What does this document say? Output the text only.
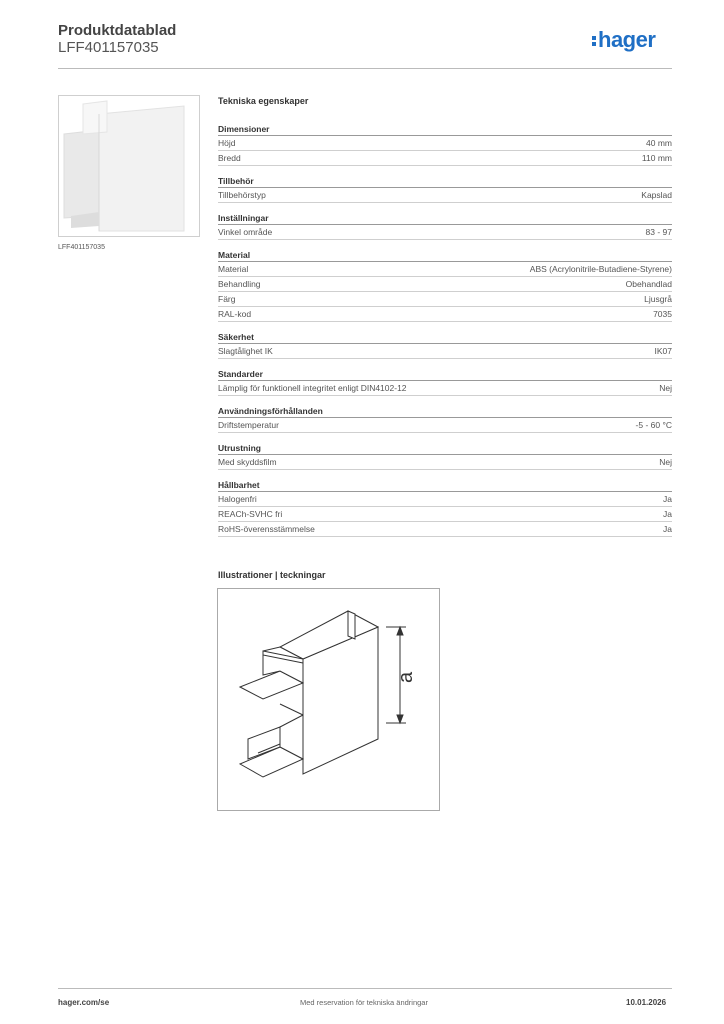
Produktdatablad
LFF401157035	hager
LFF401157035
Tekniska egenskaper
Dimensioner
Höjd	40 mm
Bredd	110 mm
Tillbehör
Tillbehörstyp	Kapslad
Inställningar
Vinkel område	83 - 97
Material
Material	ABS (Acrylonitrile-Butadiene-Styrene)
Behandling	Obehandlad
Färg	Ljusgrå
RAL-kod	7035
Säkerhet
Slagtålighet IK	IK07
Standarder
Lämplig för funktionell integritet enligt DIN4102-12	Nej
Användningsförhållanden
Driftstemperatur	-5 - 60 °C
Utrustning
Med skyddsfilm	Nej
Hållbarhet
Halogenfri	Ja
REACh-SVHC fri	Ja
RoHS-överensstämmelse	Ja
Illustrationer | teckningar
a
hager.com/se	Med reservation för tekniska ändringar	10.01.2026
